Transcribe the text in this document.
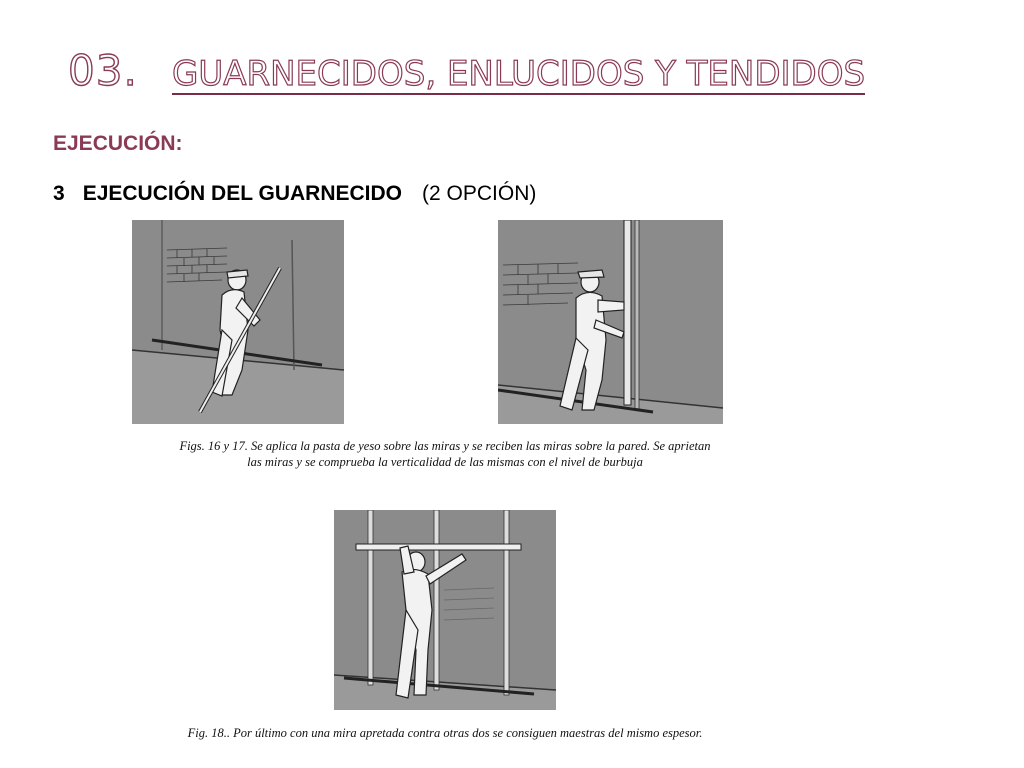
03. GUARNECIDOS, ENLUCIDOS Y TENDIDOS
EJECUCIÓN:
3 EJECUCIÓN DEL GUARNECIDO (2 OPCIÓN)
Figs. 16 y 17. Se aplica la pasta de yeso sobre las miras y se reciben las miras sobre la pared. Se aprietan
las miras y se comprueba la verticalidad de las mismas con el nivel de burbuja
Fig. 18.. Por último con una mira apretada contra otras dos se consiguen maestras del mismo espesor.
